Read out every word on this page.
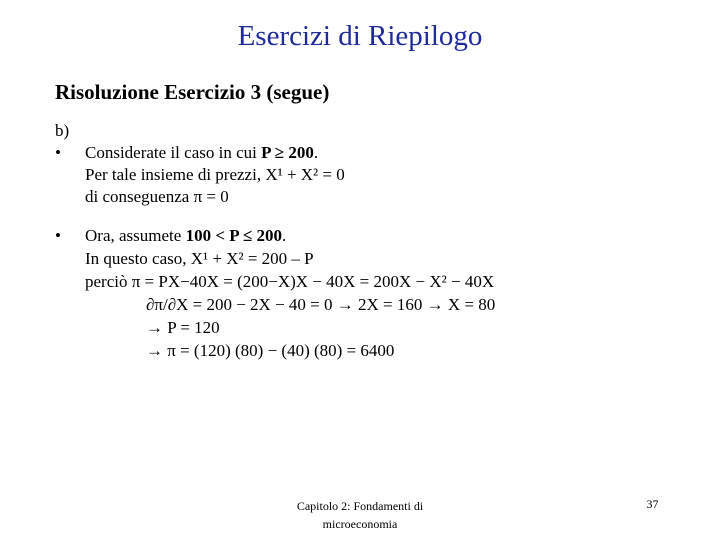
Esercizi di Riepilogo
Risoluzione Esercizio 3 (segue)
b)
• Considerate il caso in cui P ≥ 200.
Per tale insieme di prezzi, X¹ + X² = 0
di conseguenza π = 0
• Ora, assumete 100 < P ≤ 200.
In questo caso, X¹ + X² = 200 – P
perciò π = PX−40X = (200−X)X − 40X = 200X − X² − 40X
∂π/∂X = 200 − 2X − 40 = 0 → 2X = 160 → X = 80
→ P = 120
→ π = (120) (80) − (40) (80) = 6400
Capitolo 2: Fondamenti di
microeconomia
37
